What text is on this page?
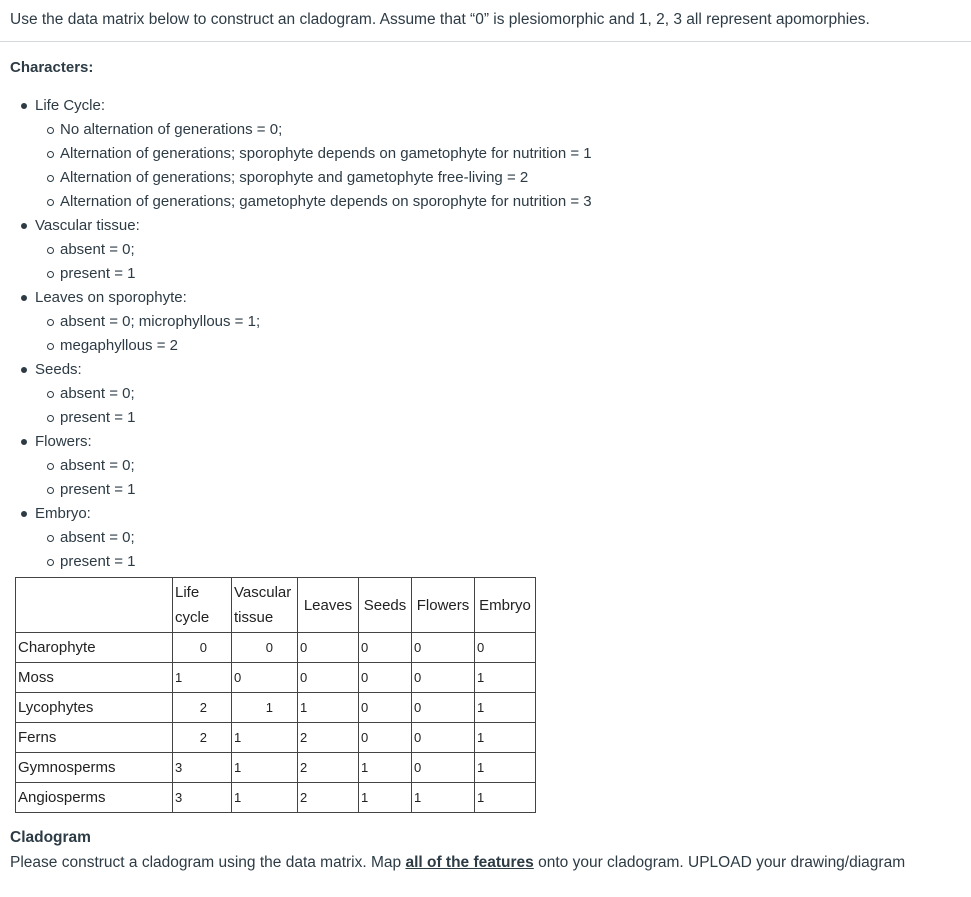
Use the data matrix below to construct an cladogram. Assume that “0” is plesiomorphic and 1, 2, 3 all represent apomorphies.
Characters:
Life Cycle:
No alternation of generations = 0;
Alternation of generations; sporophyte depends on gametophyte for nutrition = 1
Alternation of generations; sporophyte and gametophyte free-living = 2
Alternation of generations; gametophyte depends on sporophyte for nutrition = 3
Vascular tissue:
absent = 0;
present = 1
Leaves on sporophyte:
absent = 0; microphyllous = 1;
megaphyllous = 2
Seeds:
absent = 0;
present = 1
Flowers:
absent = 0;
present = 1
Embryo:
absent = 0;
present = 1
	Life cycle	Vascular tissue	Leaves	Seeds	Flowers	Embryo
Charophyte	0	0	0	0	0	0
Moss	1	0	0	0	0	1
Lycophytes	2	1	1	0	0	1
Ferns	2	1	2	0	0	1
Gymnosperms	3	1	2	1	0	1
Angiosperms	3	1	2	1	1	1
Cladogram
Please construct a cladogram using the data matrix. Map all of the features onto your cladogram. UPLOAD your drawing/diagram
